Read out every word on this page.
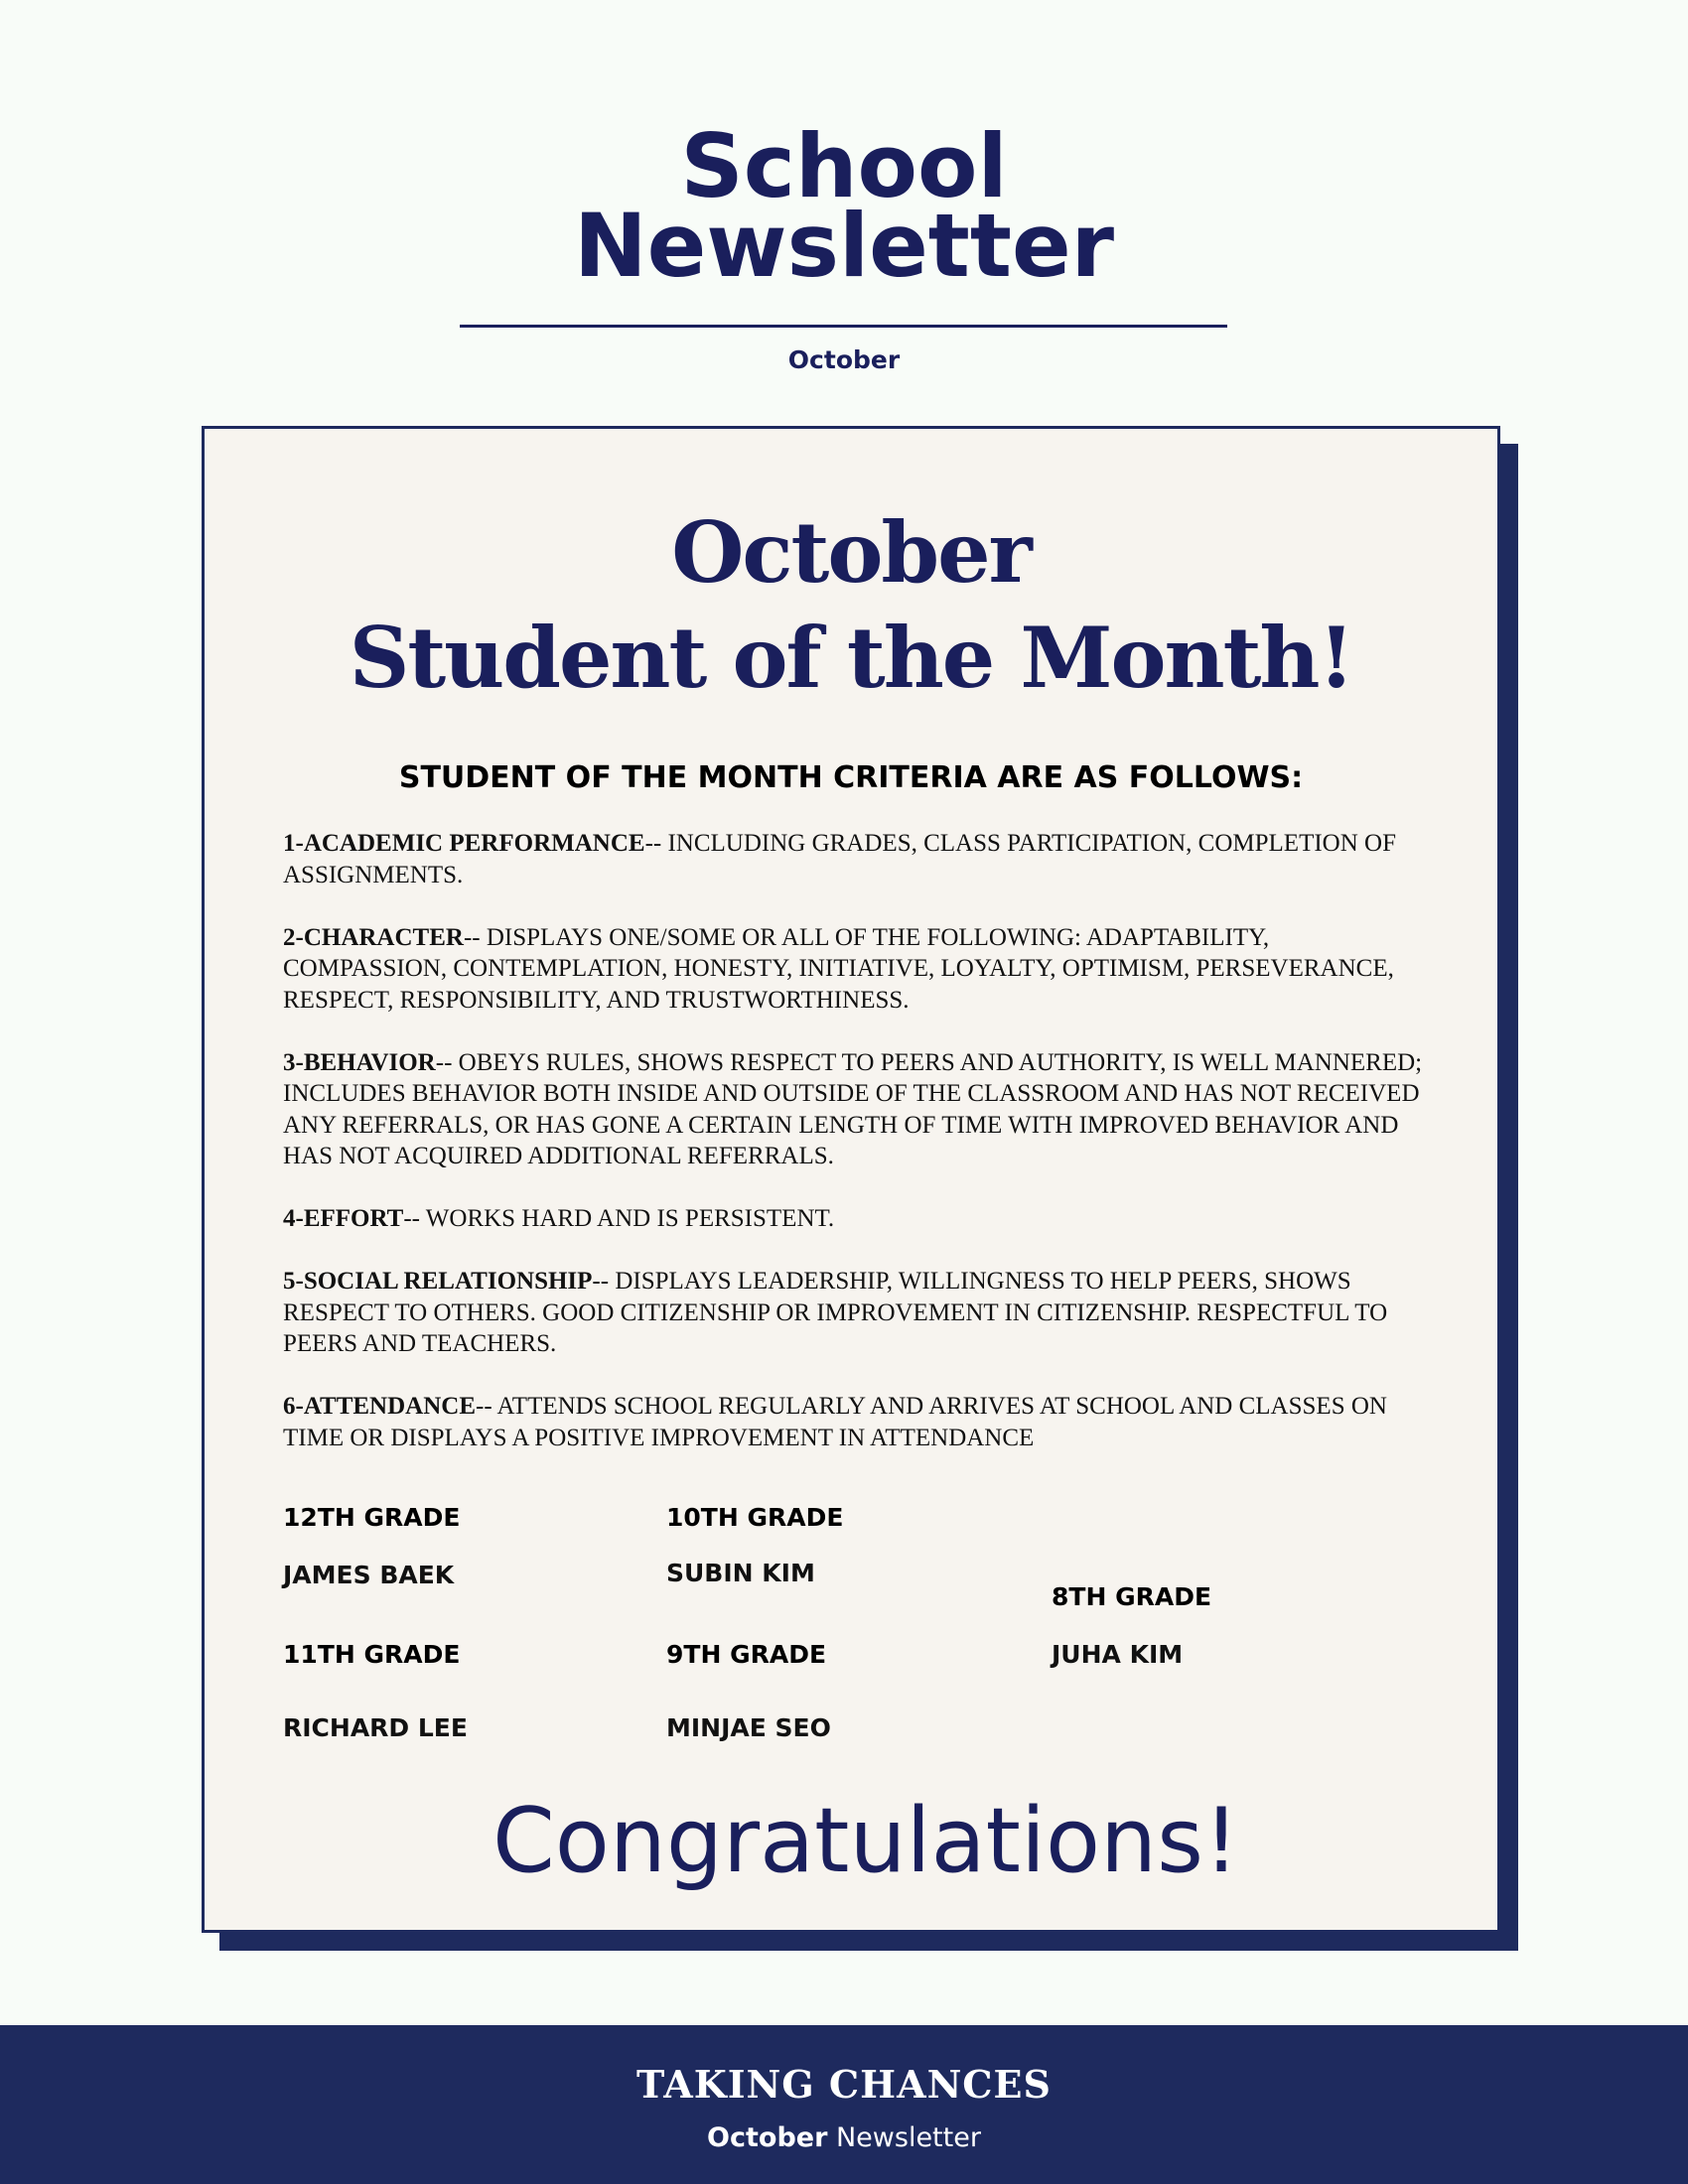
School
Newsletter
October
October
Student of the Month!
STUDENT OF THE MONTH CRITERIA ARE AS FOLLOWS:

1-ACADEMIC PERFORMANCE-- INCLUDING GRADES, CLASS PARTICIPATION, COMPLETION OF ASSIGNMENTS.

2-CHARACTER-- DISPLAYS ONE/SOME OR ALL OF THE FOLLOWING: ADAPTABILITY, COMPASSION, CONTEMPLATION, HONESTY, INITIATIVE, LOYALTY, OPTIMISM, PERSEVERANCE, RESPECT, RESPONSIBILITY, AND TRUSTWORTHINESS.

3-BEHAVIOR-- OBEYS RULES, SHOWS RESPECT TO PEERS AND AUTHORITY, IS WELL MANNERED; INCLUDES BEHAVIOR BOTH INSIDE AND OUTSIDE OF THE CLASSROOM AND HAS NOT RECEIVED ANY REFERRALS, OR HAS GONE A CERTAIN LENGTH OF TIME WITH IMPROVED BEHAVIOR AND HAS NOT ACQUIRED ADDITIONAL REFERRALS.

4-EFFORT-- WORKS HARD AND IS PERSISTENT.

5-SOCIAL RELATIONSHIP-- DISPLAYS LEADERSHIP, WILLINGNESS TO HELP PEERS, SHOWS RESPECT TO OTHERS. GOOD CITIZENSHIP OR IMPROVEMENT IN CITIZENSHIP. RESPECTFUL TO PEERS AND TEACHERS.

6-ATTENDANCE-- ATTENDS SCHOOL REGULARLY AND ARRIVES AT SCHOOL AND CLASSES ON TIME OR DISPLAYS A POSITIVE IMPROVEMENT IN ATTENDANCE

12TH GRADE
JAMES BAEK
11TH GRADE
RICHARD LEE
10TH GRADE
SUBIN KIM
9TH GRADE
MINJAE SEO
8TH GRADE
JUHA KIM
Congratulations!
TAKING CHANCES
October Newsletter
